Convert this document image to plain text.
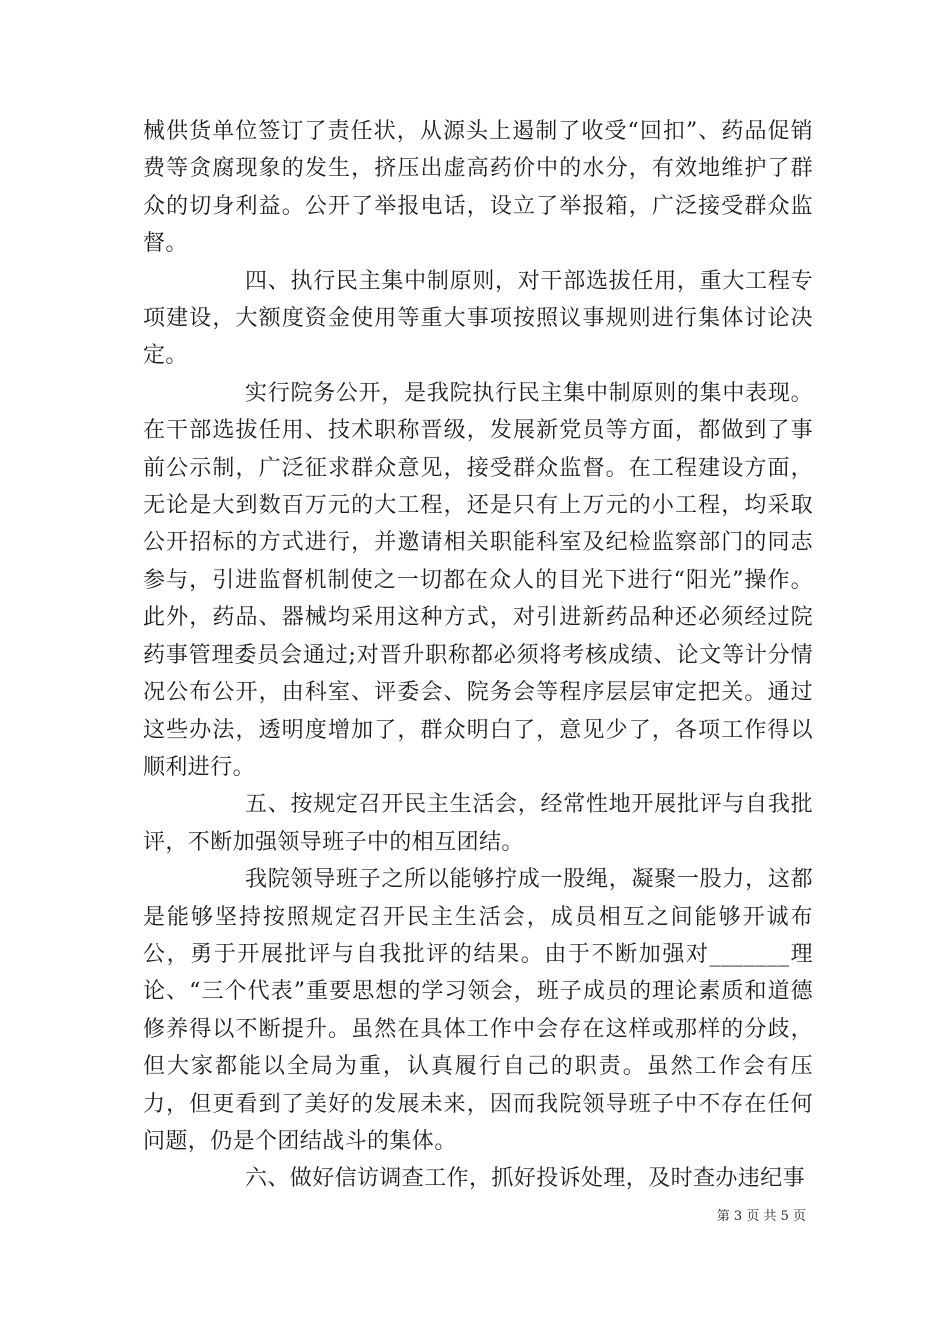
械供货单位签订了责任状，从源头上遏制了收受“回扣”、药品促销费等贪腐现象的发生，挤压出虚高药价中的水分，有效地维护了群众的切身利益。公开了举报电话，设立了举报箱，广泛接受群众监督。

四、执行民主集中制原则，对干部选拔任用，重大工程专项建设，大额度资金使用等重大事项按照议事规则进行集体讨论决定。

实行院务公开，是我院执行民主集中制原则的集中表现。在干部选拔任用、技术职称晋级，发展新党员等方面，都做到了事前公示制，广泛征求群众意见，接受群众监督。在工程建设方面，无论是大到数百万元的大工程，还是只有上万元的小工程，均采取公开招标的方式进行，并邀请相关职能科室及纪检监察部门的同志参与，引进监督机制使之一切都在众人的目光下进行“阳光”操作。此外，药品、器械均采用这种方式，对引进新药品种还必须经过院药事管理委员会通过;对晋升职称都必须将考核成绩、论文等计分情况公布公开，由科室、评委会、院务会等程序层层审定把关。通过这些办法，透明度增加了，群众明白了，意见少了，各项工作得以顺利进行。

五、按规定召开民主生活会，经常性地开展批评与自我批评，不断加强领导班子中的相互团结。

我院领导班子之所以能够拧成一股绳，凝聚一股力，这都是能够坚持按照规定召开民主生活会，成员相互之间能够开诚布公，勇于开展批评与自我批评的结果。由于不断加强对_______理论、“三个代表”重要思想的学习领会，班子成员的理论素质和道德修养得以不断提升。虽然在具体工作中会存在这样或那样的分歧，但大家都能以全局为重，认真履行自己的职责。虽然工作会有压力，但更看到了美好的发展未来，因而我院领导班子中不存在任何问题，仍是个团结战斗的集体。

六、做好信访调查工作，抓好投诉处理，及时查办违纪事

第 3 页 共 5 页
